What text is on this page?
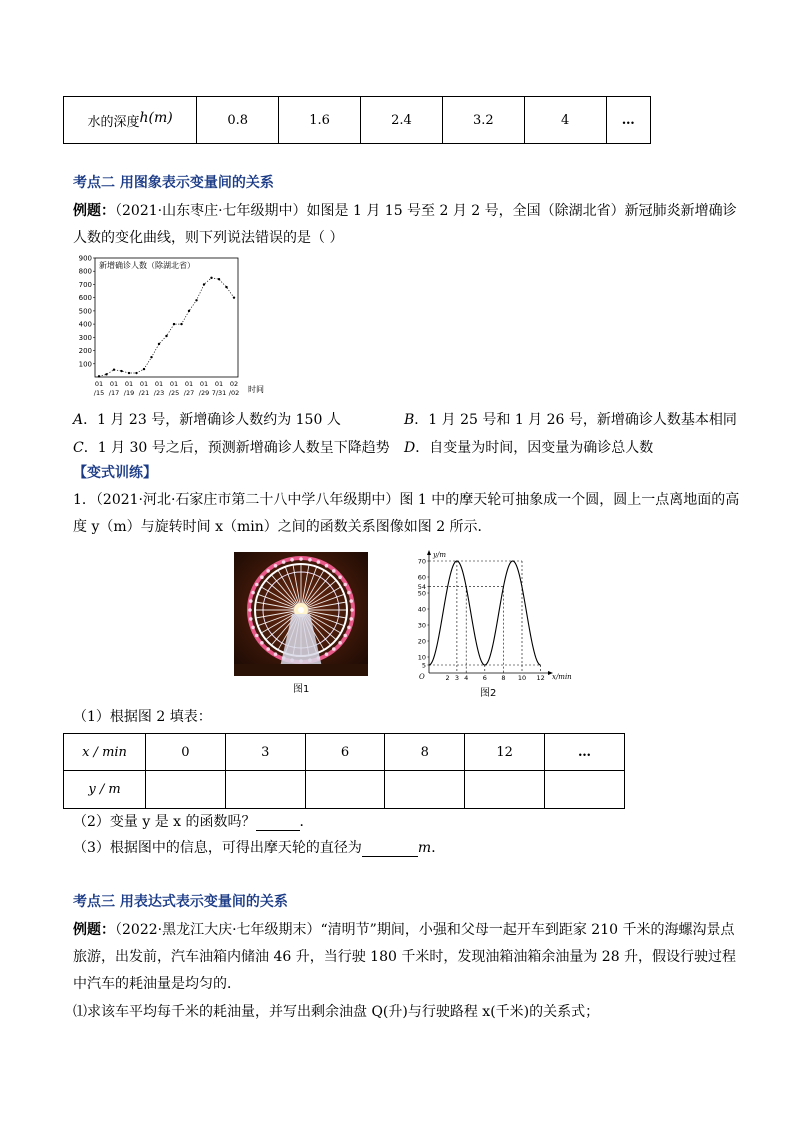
水的深度h(m)	0.8	1.6	2.4	3.2	4	…
考点二 用图象表示变量间的关系
例题：（2021·山东枣庄·七年级期中）如图是 1 月 15 号至 2 月 2 号，全国（除湖北省）新冠肺炎新增确诊
人数的变化曲线，则下列说法错误的是（ ）
100
200
300
400
500
600
700
800
900
01
/15
01
/17
01
/19
01
/21
01
/23
01
/25
01
/27
01
/29
01
7/31
02
/02
新增确诊人数（除湖北省）
时间
A．1 月 23 号，新增确诊人数约为 150 人	B．1 月 25 号和 1 月 26 号，新增确诊人数基本相同
C．1 月 30 号之后，预测新增确诊人数呈下降趋势 D．自变量为时间，因变量为确诊总人数
【变式训练】
1．（2021·河北·石家庄市第二十八中学八年级期中）图 1 中的摩天轮可抽象成一个圆，圆上一点离地面的高
度 y（m）与旋转时间 x（min）之间的函数关系图像如图 2 所示．
图1
70
60
54
50
40
30
20
10
5
2 3 4 6 8 10 12
y/m
x/min
O
图2
（1）根据图 2 填表：
x / min	0	3	6	8	12	…
y / m						
（2）变量 y 是 x 的函数吗？	．
（3）根据图中的信息，可得出摩天轮的直径为	m．
考点三 用表达式表示变量间的关系
例题：（2022·黑龙江大庆·七年级期末）“清明节”期间，小强和父母一起开车到距家 210 千米的海螺沟景点
旅游，出发前，汽车油箱内储油 46 升，当行驶 180 千米时，发现油箱油箱余油量为 28 升，假设行驶过程
中汽车的耗油量是均匀的．
⑴求该车平均每千米的耗油量，并写出剩余油盘 Q(升)与行驶路程 x(千米)的关系式；
